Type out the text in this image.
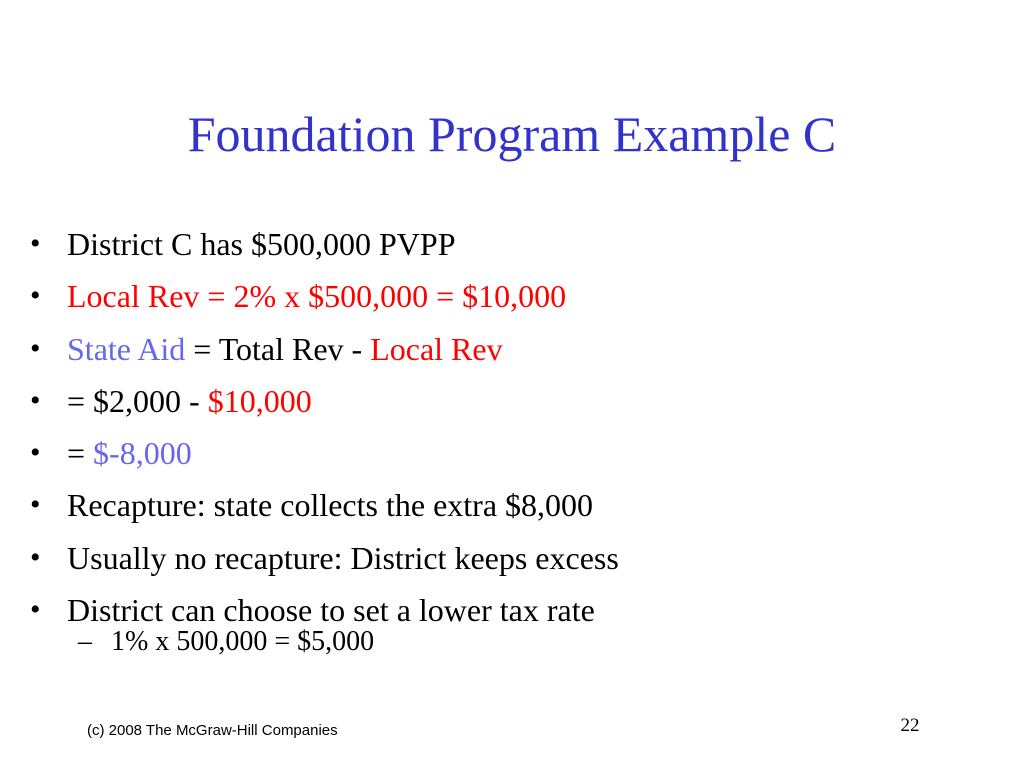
Foundation Program Example C
• District C has $500,000 PVPP
• Local Rev = 2% x $500,000 = $10,000
• State Aid = Total Rev - Local Rev
• = $2,000 - $10,000
• = $-8,000
• Recapture: state collects the extra $8,000
• Usually no recapture: District keeps excess
• District can choose to set a lower tax rate
– 1% x 500,000 = $5,000
(c) 2008 The McGraw-Hill Companies	22
